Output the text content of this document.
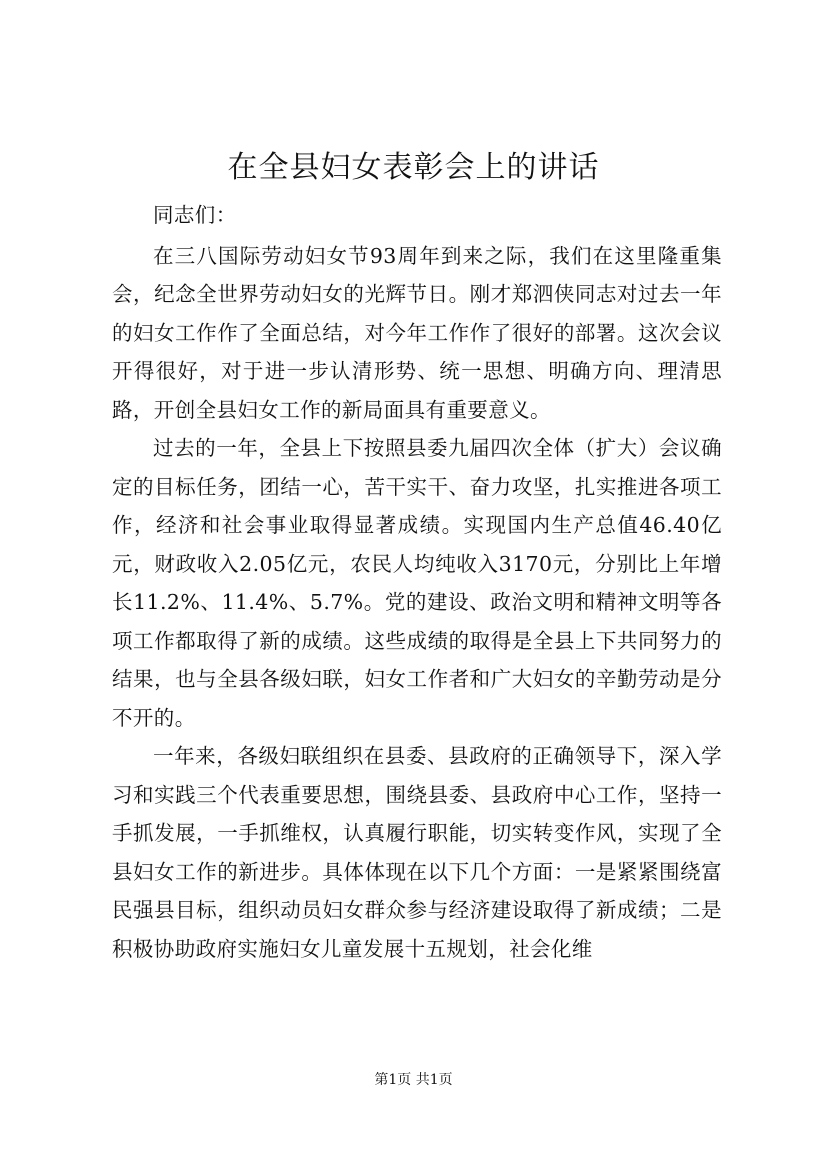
在全县妇女表彰会上的讲话

同志们：

在三八国际劳动妇女节93周年到来之际，我们在这里隆重集会，纪念全世界劳动妇女的光辉节日。刚才郑泗侠同志对过去一年的妇女工作作了全面总结，对今年工作作了很好的部署。这次会议开得很好，对于进一步认清形势、统一思想、明确方向、理清思路，开创全县妇女工作的新局面具有重要意义。

过去的一年，全县上下按照县委九届四次全体（扩大）会议确定的目标任务，团结一心，苦干实干、奋力攻坚，扎实推进各项工作，经济和社会事业取得显著成绩。实现国内生产总值46.40亿元，财政收入2.05亿元，农民人均纯收入3170元，分别比上年增长11.2%、11.4%、5.7%。党的建设、政治文明和精神文明等各项工作都取得了新的成绩。这些成绩的取得是全县上下共同努力的结果，也与全县各级妇联，妇女工作者和广大妇女的辛勤劳动是分不开的。

一年来，各级妇联组织在县委、县政府的正确领导下，深入学习和实践三个代表重要思想，围绕县委、县政府中心工作，坚持一手抓发展，一手抓维权，认真履行职能，切实转变作风，实现了全县妇女工作的新进步。具体体现在以下几个方面：一是紧紧围绕富民强县目标，组织动员妇女群众参与经济建设取得了新成绩；二是积极协助政府实施妇女儿童发展十五规划，社会化维

第1页 共1页
